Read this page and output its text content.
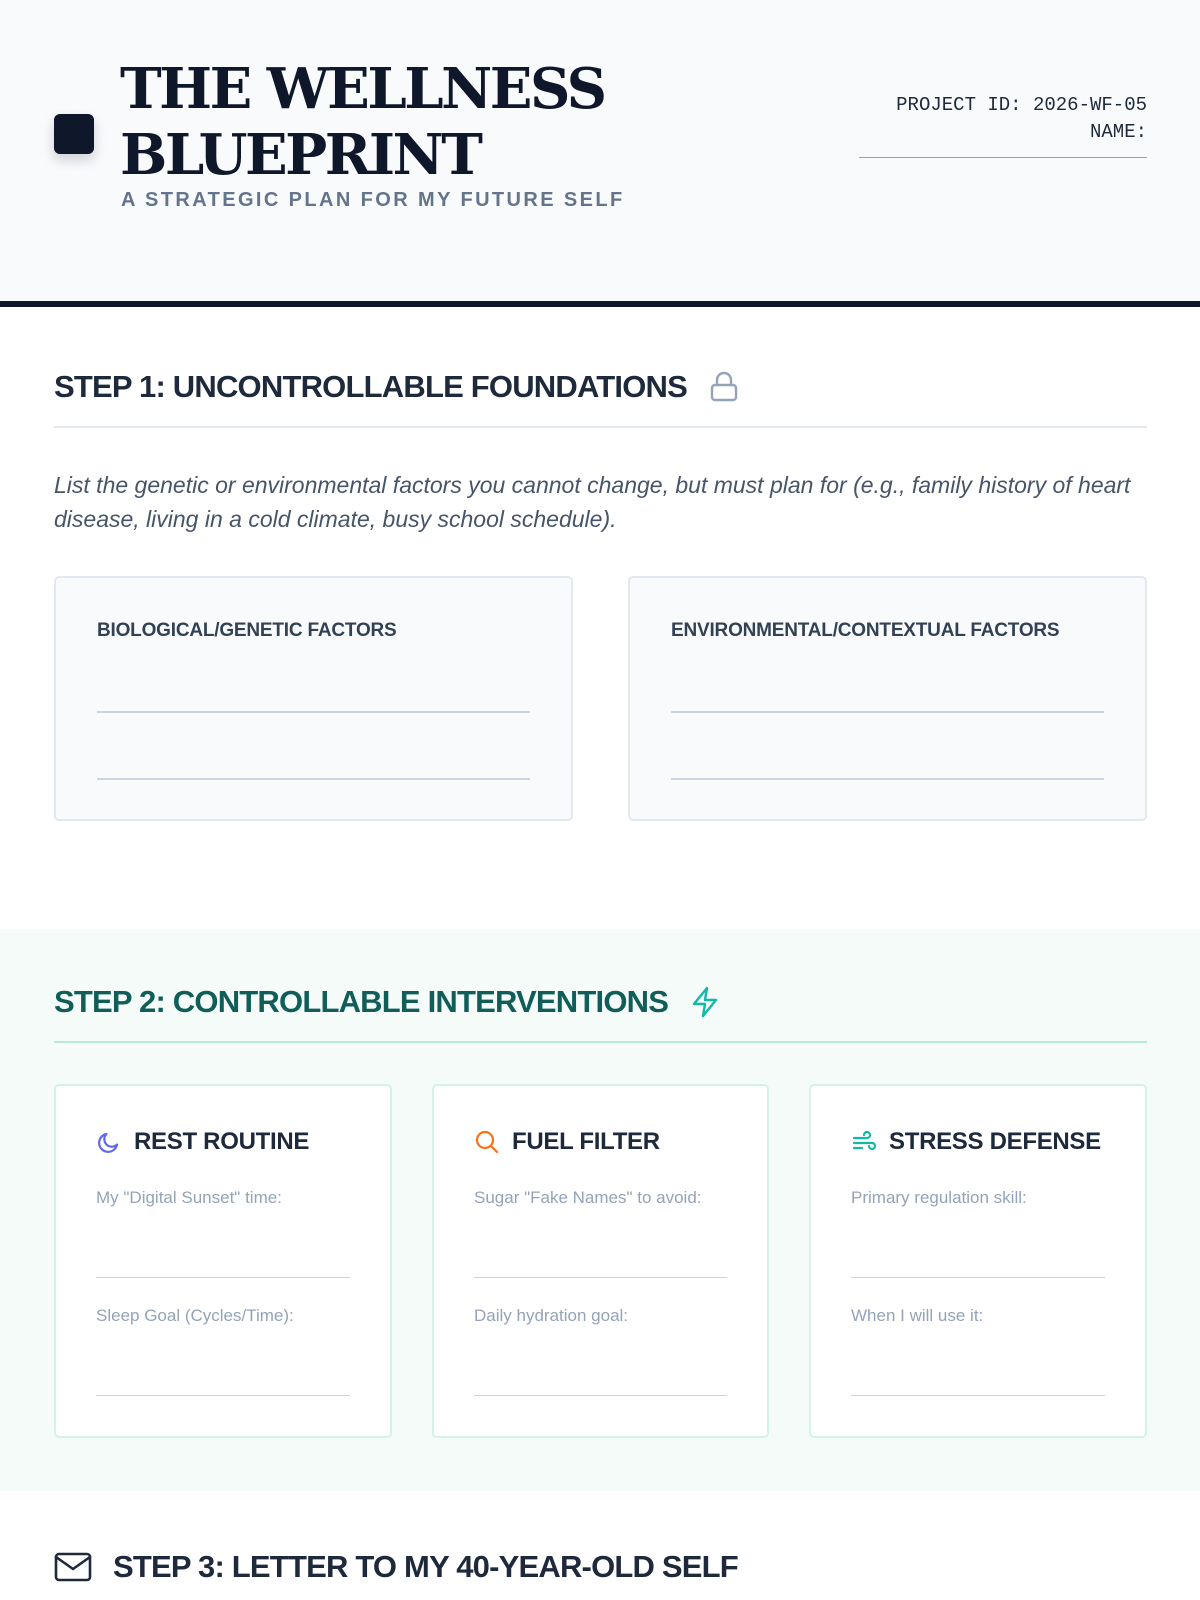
THE WELLNESS BLUEPRINT
A STRATEGIC PLAN FOR MY FUTURE SELF
PROJECT ID: 2026-WF-05
NAME:
STEP 1: UNCONTROLLABLE FOUNDATIONS

List the genetic or environmental factors you cannot change, but must plan for (e.g., family history of heart disease, living in a cold climate, busy school schedule).

BIOLOGICAL/GENETIC FACTORS	ENVIRONMENTAL/CONTEXTUAL FACTORS
STEP 2: CONTROLLABLE INTERVENTIONS
REST ROUTINE
My "Digital Sunset" time:
Sleep Goal (Cycles/Time):
FUEL FILTER
Sugar "Fake Names" to avoid:
Daily hydration goal:
STRESS DEFENSE
Primary regulation skill:
When I will use it:
STEP 3: LETTER TO MY 40-YEAR-OLD SELF
